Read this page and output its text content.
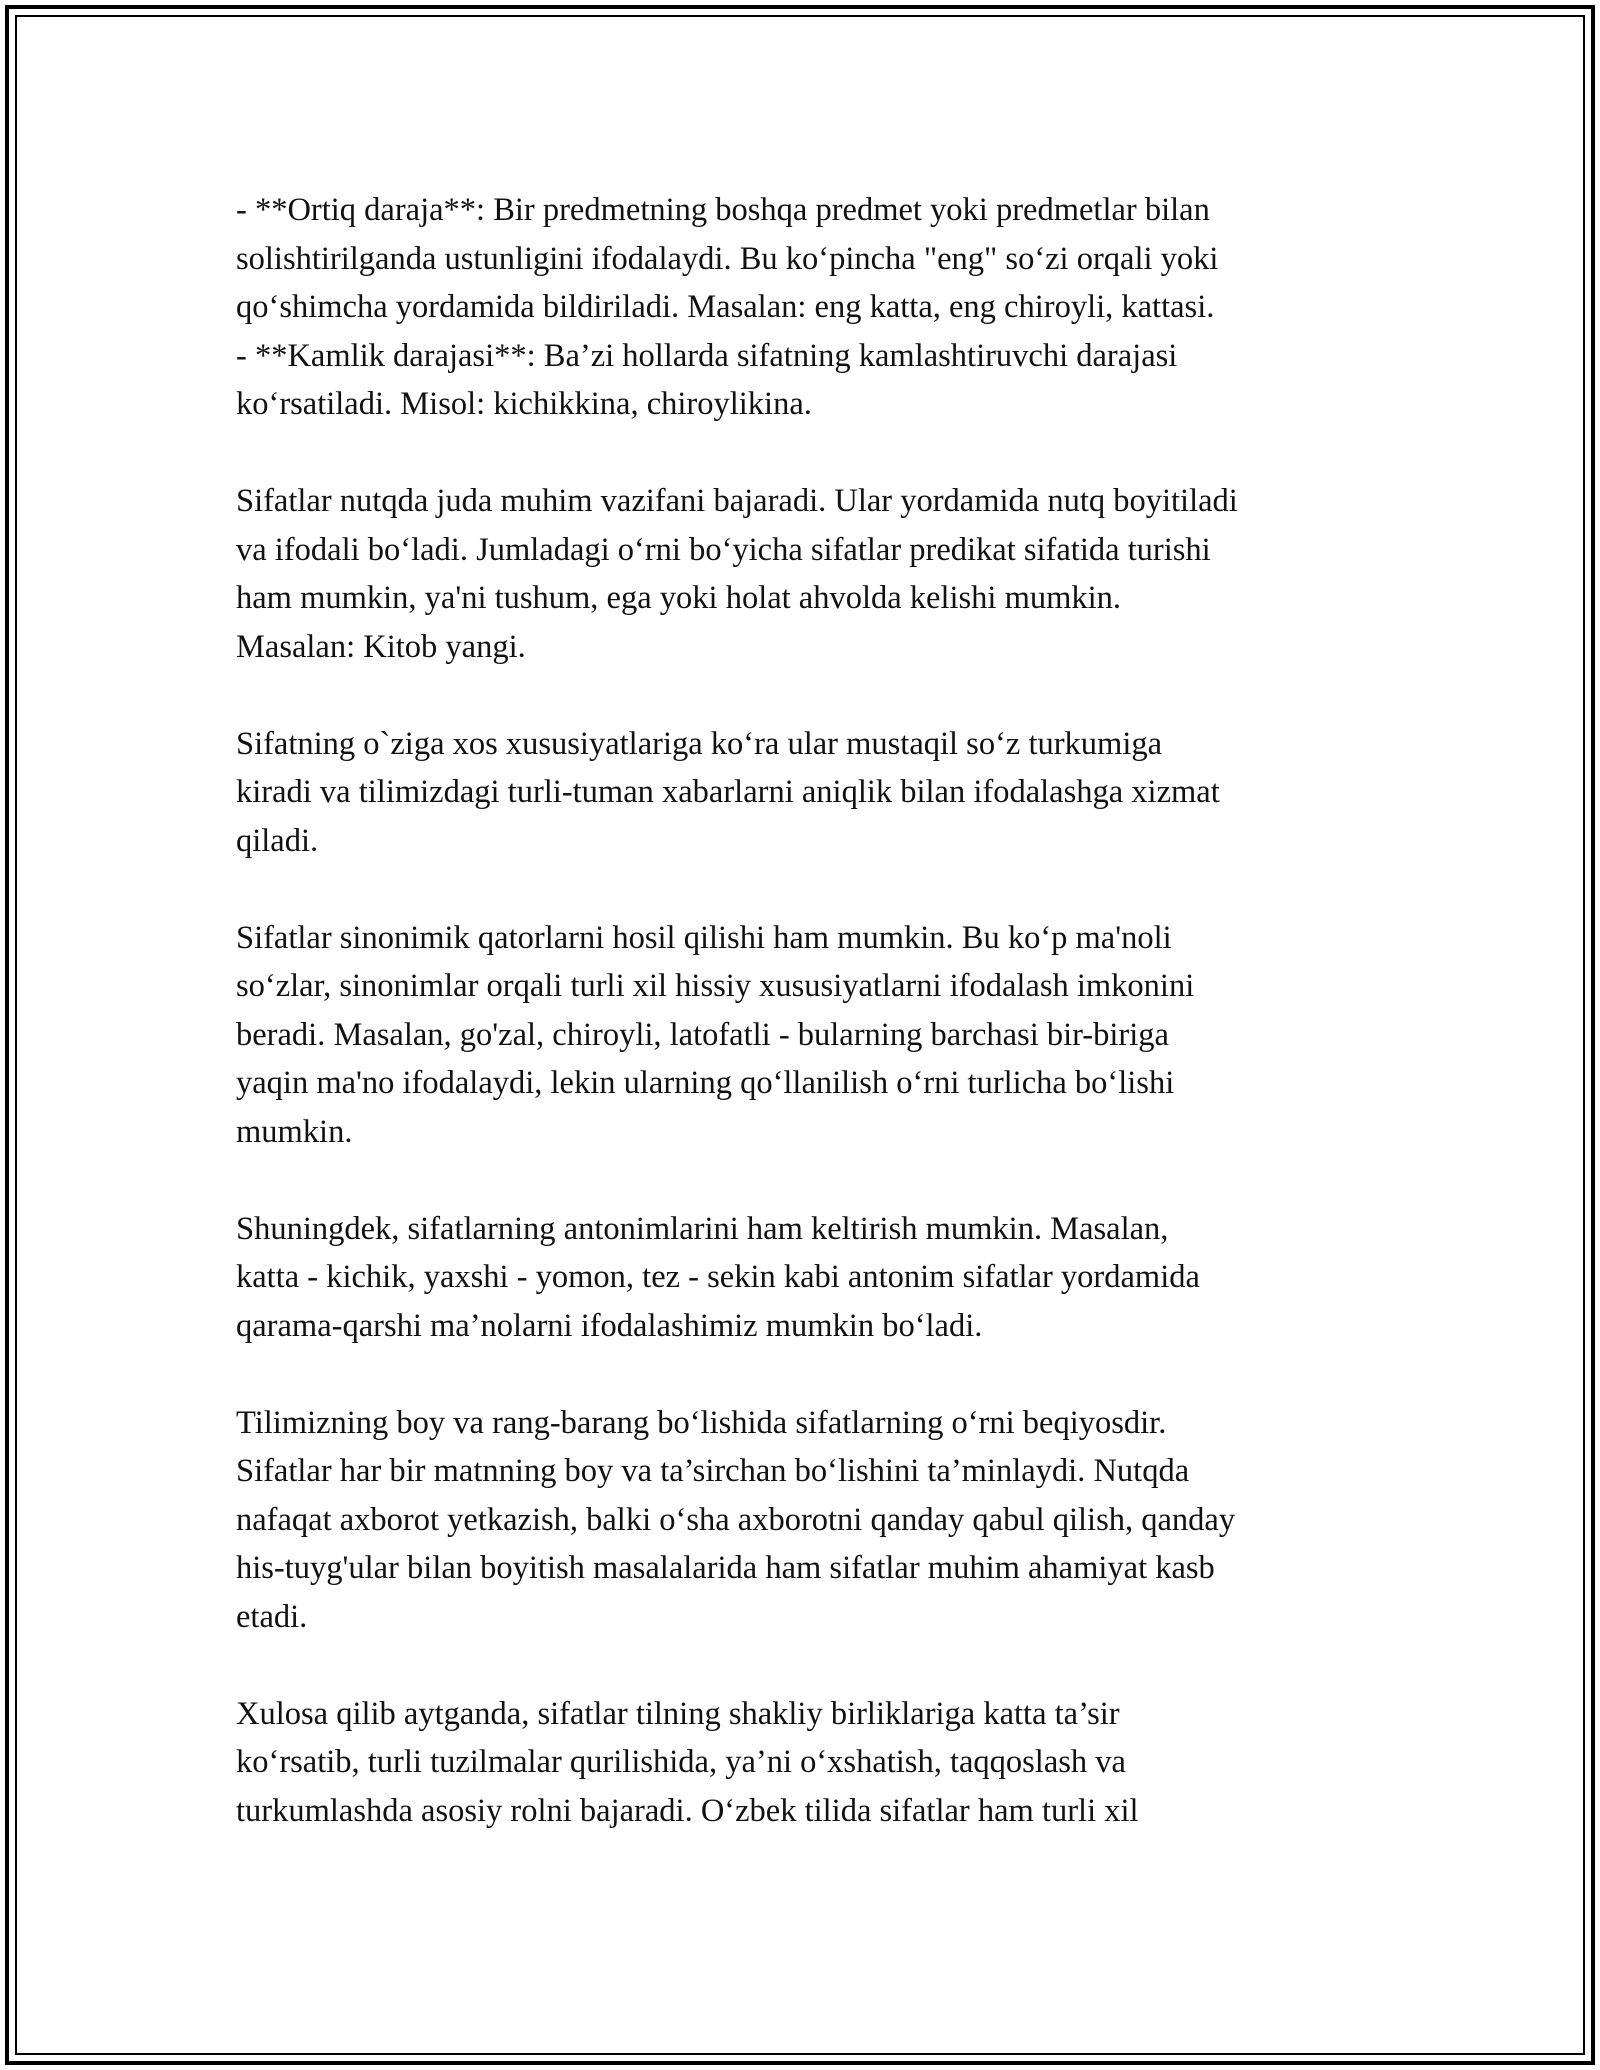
- **Ortiq daraja**: Bir predmetning boshqa predmet yoki predmetlar bilan
solishtirilganda ustunligini ifodalaydi. Bu ko‘pincha "eng" so‘zi orqali yoki
qo‘shimcha yordamida bildiriladi. Masalan: eng katta, eng chiroyli, kattasi.
- **Kamlik darajasi**: Ba’zi hollarda sifatning kamlashtiruvchi darajasi
ko‘rsatiladi. Misol: kichikkina, chiroylikina.

Sifatlar nutqda juda muhim vazifani bajaradi. Ular yordamida nutq boyitiladi
va ifodali bo‘ladi. Jumladagi o‘rni bo‘yicha sifatlar predikat sifatida turishi
ham mumkin, ya'ni tushum, ega yoki holat ahvolda kelishi mumkin.
Masalan: Kitob yangi.

Sifatning o`ziga xos xususiyatlariga ko‘ra ular mustaqil so‘z turkumiga
kiradi va tilimizdagi turli-tuman xabarlarni aniqlik bilan ifodalashga xizmat
qiladi.

Sifatlar sinonimik qatorlarni hosil qilishi ham mumkin. Bu ko‘p ma'noli
so‘zlar, sinonimlar orqali turli xil hissiy xususiyatlarni ifodalash imkonini
beradi. Masalan, go'zal, chiroyli, latofatli - bularning barchasi bir-biriga
yaqin ma'no ifodalaydi, lekin ularning qo‘llanilish o‘rni turlicha bo‘lishi
mumkin.

Shuningdek, sifatlarning antonimlarini ham keltirish mumkin. Masalan,
katta - kichik, yaxshi - yomon, tez - sekin kabi antonim sifatlar yordamida
qarama-qarshi ma’nolarni ifodalashimiz mumkin bo‘ladi.

Tilimizning boy va rang-barang bo‘lishida sifatlarning o‘rni beqiyosdir.
Sifatlar har bir matnning boy va ta’sirchan bo‘lishini ta’minlaydi. Nutqda
nafaqat axborot yetkazish, balki o‘sha axborotni qanday qabul qilish, qanday
his-tuyg'ular bilan boyitish masalalarida ham sifatlar muhim ahamiyat kasb
etadi.

Xulosa qilib aytganda, sifatlar tilning shakliy birliklariga katta ta’sir
ko‘rsatib, turli tuzilmalar qurilishida, ya’ni o‘xshatish, taqqoslash va
turkumlashda asosiy rolni bajaradi. O‘zbek tilida sifatlar ham turli xil
